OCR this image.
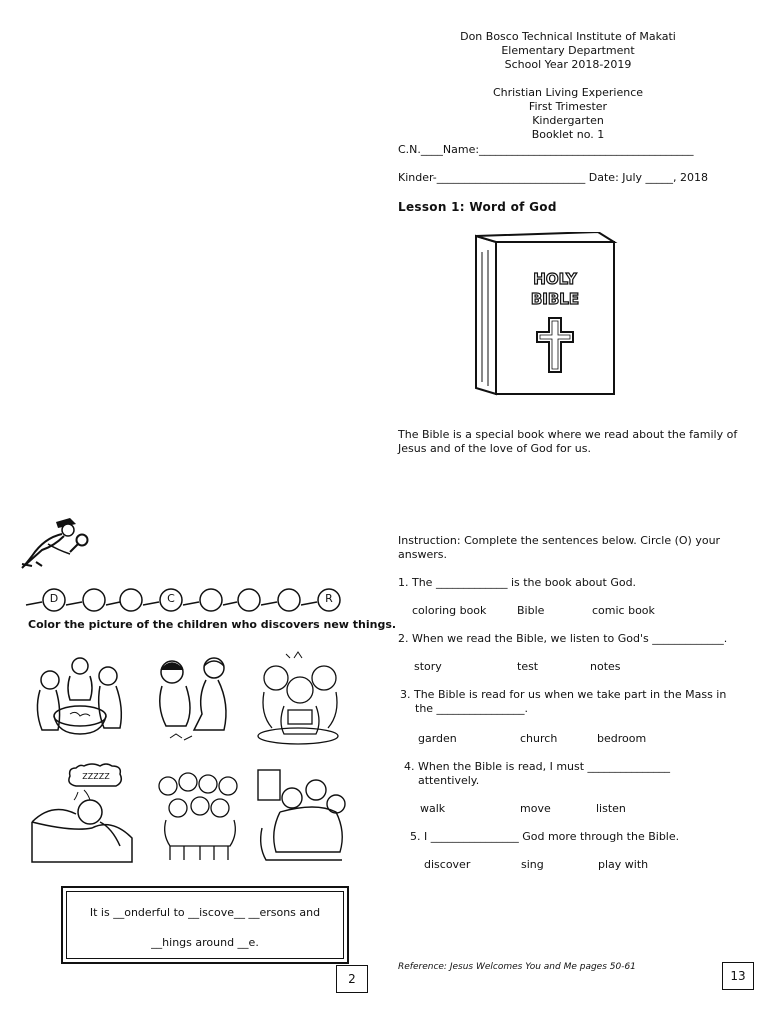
Don Bosco Technical Institute of Makati
Elementary Department
School Year 2018-2019
Christian Living Experience
First Trimester
Kindergarten
Booklet no. 1
C.N.____Name:_______________________________________
Kinder-___________________________ Date: July _____, 2018
Lesson 1: Word of God
HOLY
BIBLE
The Bible is a special book where we read about the family of Jesus and of the love of God for us.
Instruction: Complete the sentences below. Circle (O) your answers.
1. The _____________ is the book about God.
coloring book	Bible	comic book
2. When we read the Bible, we listen to God's _____________.
story	test	notes
3. The Bible is read for us when we take part in the Mass in
the ________________.
garden	church	bedroom
4. When the Bible is read, I must _______________
attentively.
walk	move	listen
5. I ________________ God more through the Bible.
discover	sing	play with
Reference: Jesus Welcomes You and Me pages 50-61
D	C	R
Color the picture of the children who discovers new things.
ZZZZZ
It is __onderful to __iscove__ __ersons and
__hings around __e.
2	13
